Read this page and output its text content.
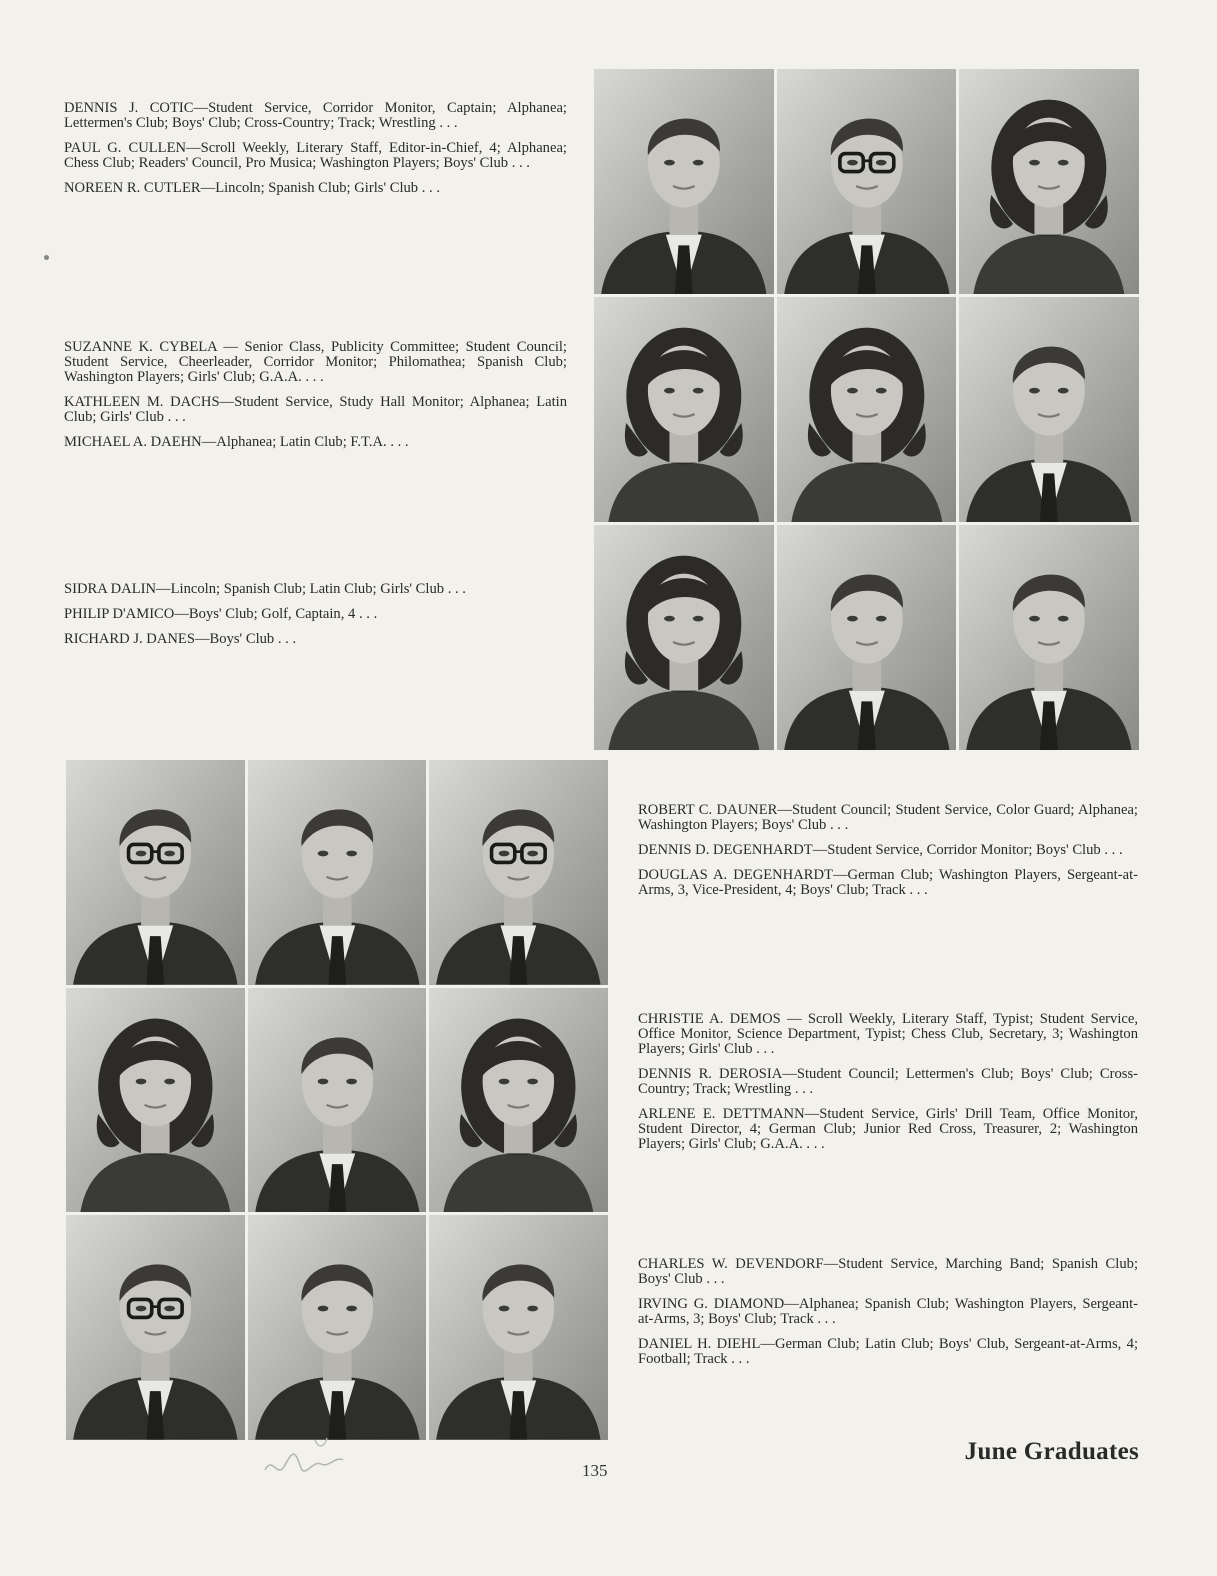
DENNIS J. COTIC—Student Service, Corridor Monitor, Captain; Alphanea; Lettermen's Club; Boys' Club; Cross-Country; Track; Wrestling . . .

PAUL G. CULLEN—Scroll Weekly, Literary Staff, Editor-in-Chief, 4; Alphanea; Chess Club; Readers' Council, Pro Musica; Washington Players; Boys' Club . . .

NOREEN R. CUTLER—Lincoln; Spanish Club; Girls' Club . . .

SUZANNE K. CYBELA — Senior Class, Publicity Committee; Student Council; Student Service, Cheerleader, Corridor Monitor; Philomathea; Spanish Club; Washington Players; Girls' Club; G.A.A. . . .

KATHLEEN M. DACHS—Student Service, Study Hall Monitor; Alphanea; Latin Club; Girls' Club . . .

MICHAEL A. DAEHN—Alphanea; Latin Club; F.T.A. . . .

SIDRA DALIN—Lincoln; Spanish Club; Latin Club; Girls' Club . . .

PHILIP D'AMICO—Boys' Club; Golf, Captain, 4 . . .

RICHARD J. DANES—Boys' Club . . .

ROBERT C. DAUNER—Student Council; Student Service, Color Guard; Alphanea; Washington Players; Boys' Club . . .

DENNIS D. DEGENHARDT—Student Service, Corridor Monitor; Boys' Club . . .

DOUGLAS A. DEGENHARDT—German Club; Washington Players, Sergeant-at-Arms, 3, Vice-President, 4; Boys' Club; Track . . .

CHRISTIE A. DEMOS — Scroll Weekly, Literary Staff, Typist; Student Service, Office Monitor, Science Department, Typist; Chess Club, Secretary, 3; Washington Players; Girls' Club . . .

DENNIS R. DEROSIA—Student Council; Lettermen's Club; Boys' Club; Cross-Country; Track; Wrestling . . .

ARLENE E. DETTMANN—Student Service, Girls' Drill Team, Office Monitor, Student Director, 4; German Club; Junior Red Cross, Treasurer, 2; Washington Players; Girls' Club; G.A.A. . . .

CHARLES W. DEVENDORF—Student Service, Marching Band; Spanish Club; Boys' Club . . .

IRVING G. DIAMOND—Alphanea; Spanish Club; Washington Players, Sergeant-at-Arms, 3; Boys' Club; Track . . .

DANIEL H. DIEHL—German Club; Latin Club; Boys' Club, Sergeant-at-Arms, 4; Football; Track . . .

135
June Graduates
